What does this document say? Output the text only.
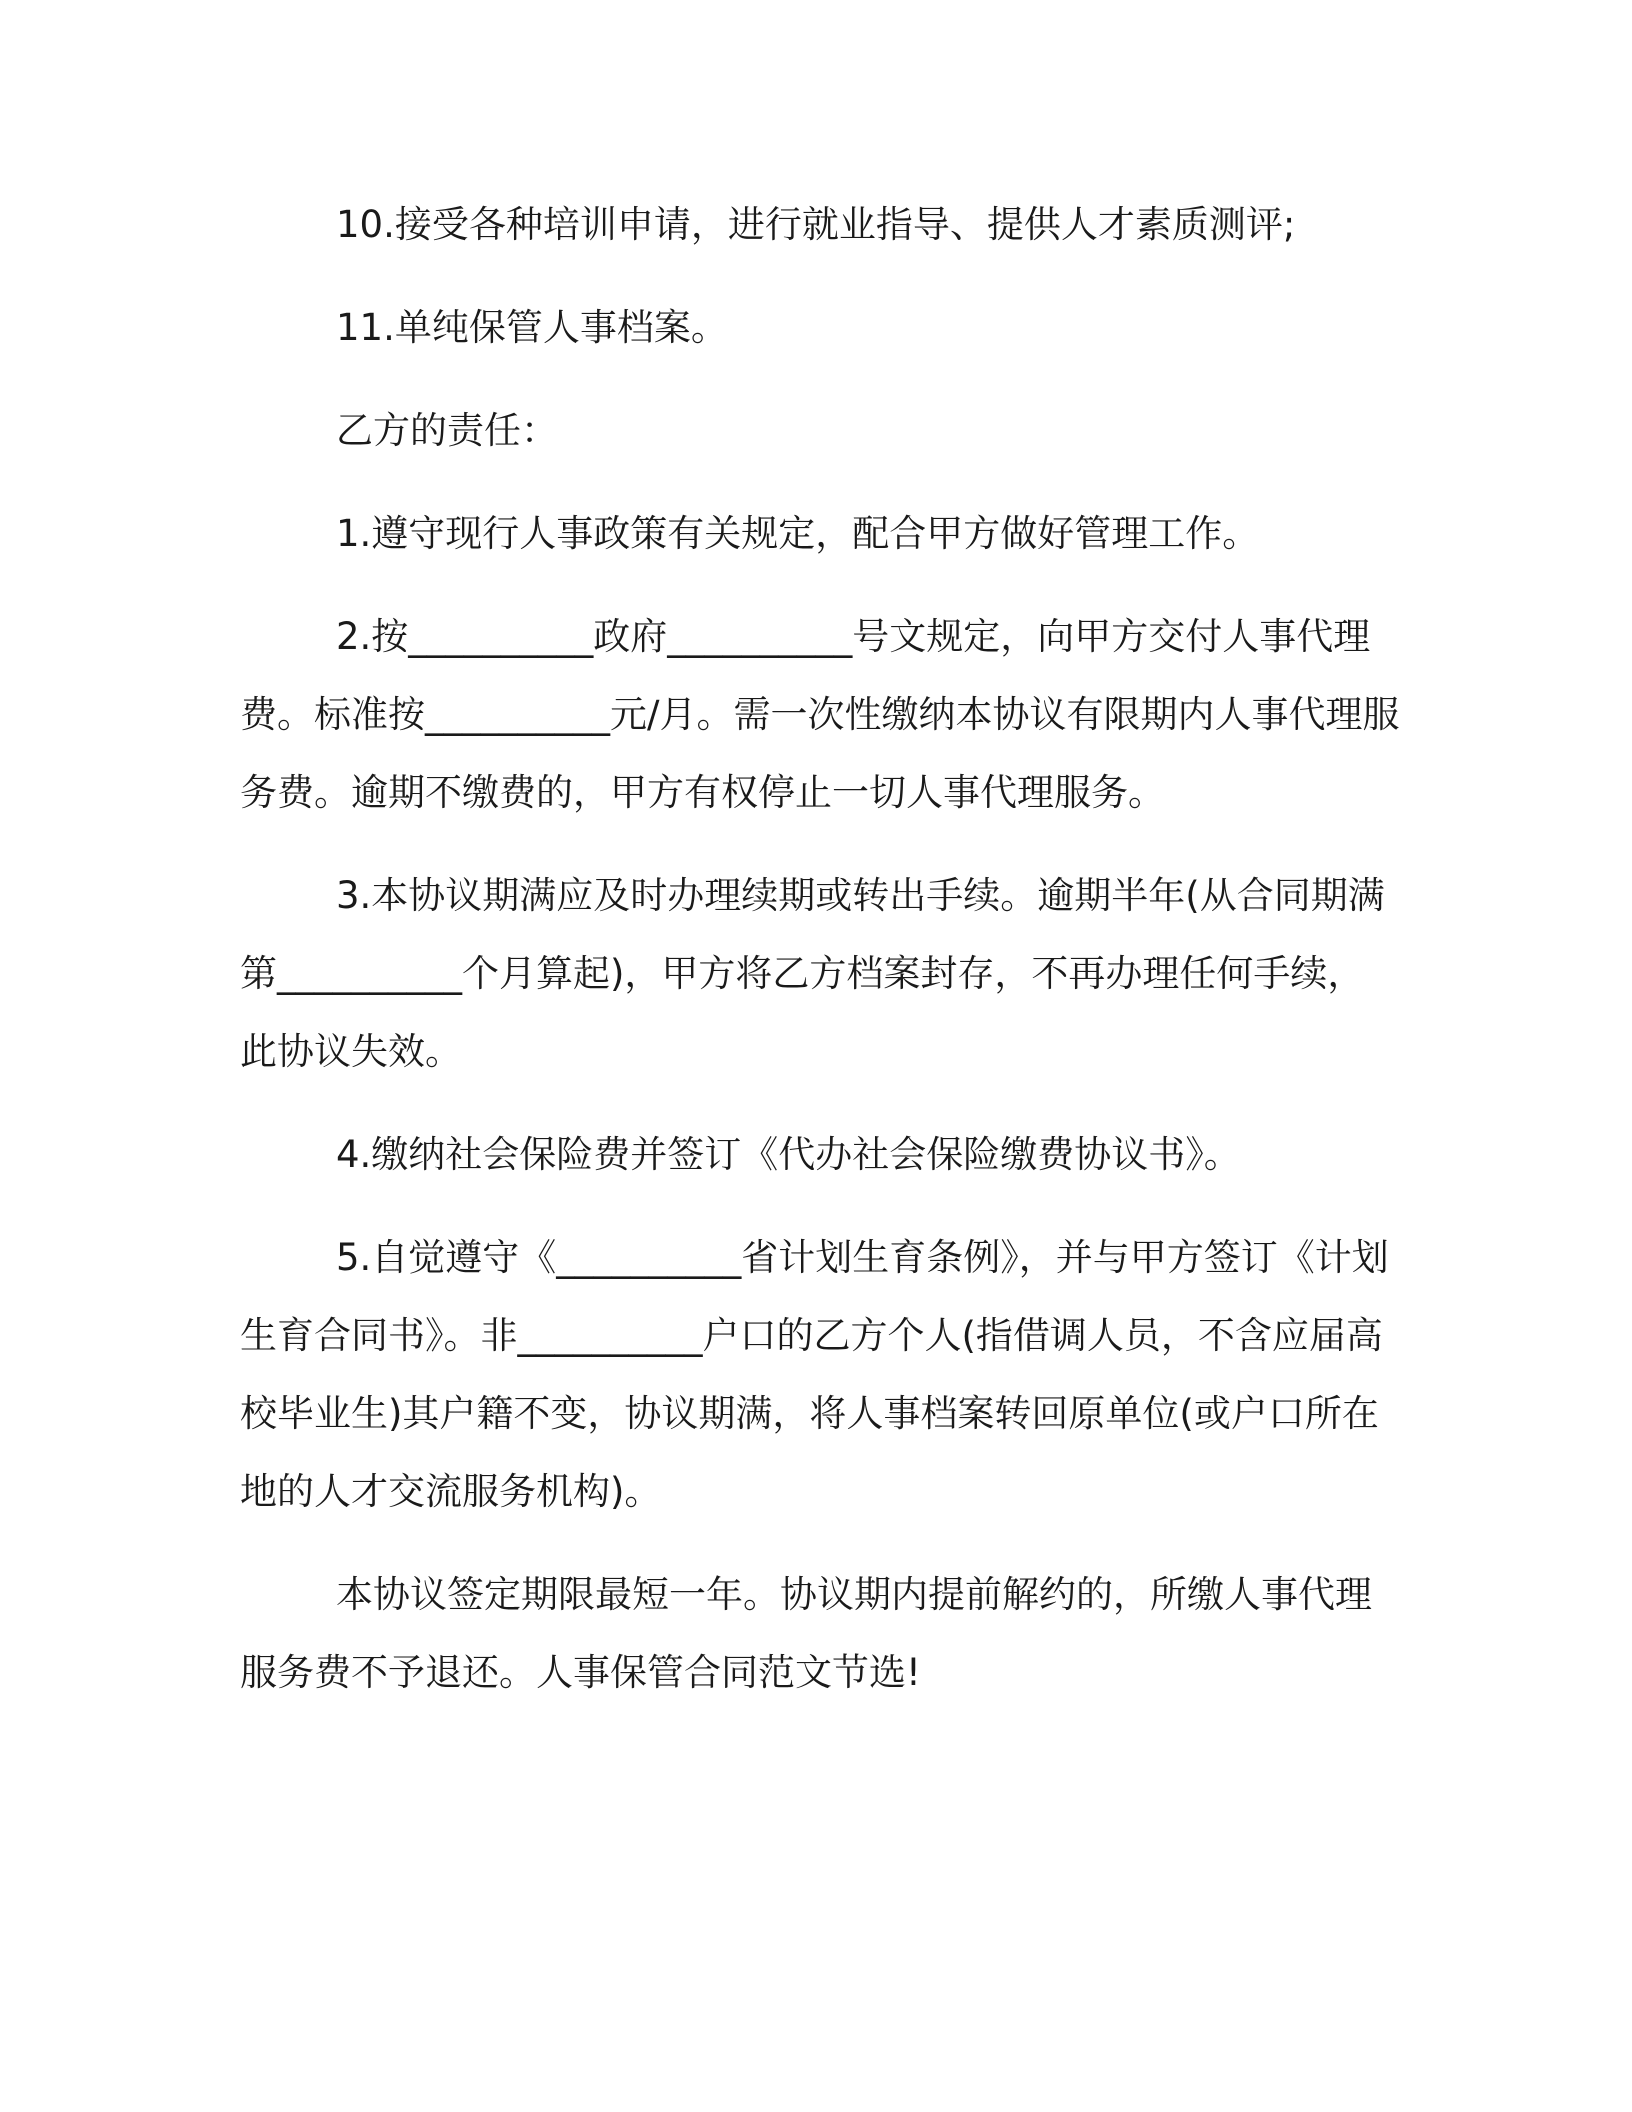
10.接受各种培训申请，进行就业指导、提供人才素质测评;

11.单纯保管人事档案。

乙方的责任：

1.遵守现行人事政策有关规定，配合甲方做好管理工作。

2.按__________政府__________号文规定，向甲方交付人事代理费。标准按__________元/月。需一次性缴纳本协议有限期内人事代理服务费。逾期不缴费的，甲方有权停止一切人事代理服务。

3.本协议期满应及时办理续期或转出手续。逾期半年(从合同期满第__________个月算起)，甲方将乙方档案封存，不再办理任何手续，此协议失效。

4.缴纳社会保险费并签订《代办社会保险缴费协议书》。

5.自觉遵守《__________省计划生育条例》，并与甲方签订《计划生育合同书》。非__________户口的乙方个人(指借调人员，不含应届高校毕业生)其户籍不变，协议期满，将人事档案转回原单位(或户口所在地的人才交流服务机构)。

本协议签定期限最短一年。协议期内提前解约的，所缴人事代理服务费不予退还。人事保管合同范文节选!
